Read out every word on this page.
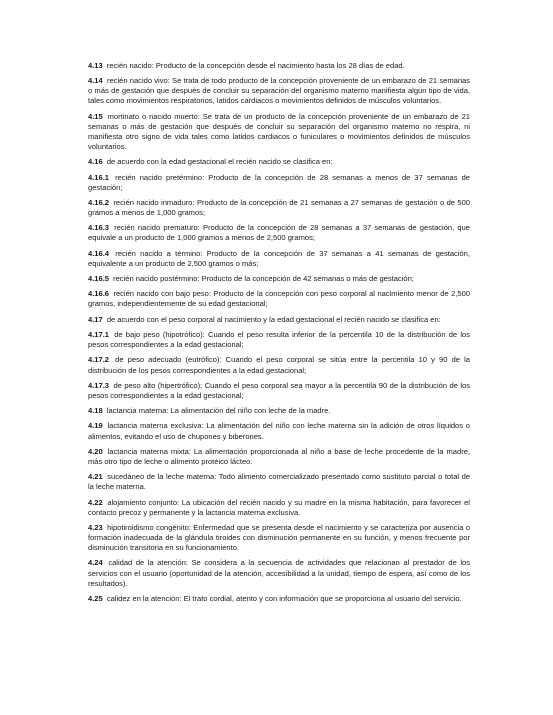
4.13 recién nacido: Producto de la concepción desde el nacimiento hasta los 28 días de edad.

4.14 recién nacido vivo: Se trata de todo producto de la concepción proveniente de un embarazo de 21 semanas o más de gestación que después de concluir su separación del organismo materno manifiesta algún tipo de vida, tales como movimientos respiratorios, latidos cardiacos o movimientos definidos de músculos voluntarios.

4.15 mortinato o nacido muerto: Se trata de un producto de la concepción proveniente de un embarazo de 21 semanas o más de gestación que después de concluir su separación del organismo materno no respira, ni manifiesta otro signo de vida tales como latidos cardiacos o funiculares o movimientos definidos de músculos voluntarios.

4.16 de acuerdo con la edad gestacional el recién nacido se clasifica en:

4.16.1 recién nacido pretérmino: Producto de la concepción de 28 semanas a menos de 37 semanas de gestación;

4.16.2 recién nacido inmaduro: Producto de la concepción de 21 semanas a 27 semanas de gestación o de 500 gramos a menos de 1,000 gramos;

4.16.3 recién nacido prematuro: Producto de la concepción de 28 semanas a 37 semanas de gestación, que equivale a un producto de 1,000 gramos a menos de 2,500 gramos;

4.16.4 recién nacido a término: Producto de la concepción de 37 semanas a 41 semanas de gestación, equivalente a un producto de 2,500 gramos o más;

4.16.5 recién nacido postérmino: Producto de la concepción de 42 semanas o más de gestación;

4.16.6 recién nacido con bajo peso: Producto de la concepción con peso corporal al nacimiento menor de 2,500 gramos, independientemente de su edad gestacional;

4.17 de acuerdo con el peso corporal al nacimiento y la edad gestacional el recién nacido se clasifica en:

4.17.1 de bajo peso (hipotrófico): Cuando el peso resulta inferior de la percentila 10 de la distribución de los pesos correspondientes a la edad gestacional;

4.17.2 de peso adecuado (eutrófico): Cuando el peso corporal se sitúa entre la percentila 10 y 90 de la distribución de los pesos correspondientes a la edad gestacional;

4.17.3 de peso alto (hipertrófico): Cuando el peso corporal sea mayor a la percentila 90 de la distribución de los pesos correspondientes a la edad gestacional;

4.18 lactancia materna: La alimentación del niño con leche de la madre.

4.19 lactancia materna exclusiva: La alimentación del niño con leche materna sin la adición de otros líquidos o alimentos, evitando el uso de chupones y biberones.

4.20 lactancia materna mixta: La alimentación proporcionada al niño a base de leche procedente de la madre, más otro tipo de leche o alimento protéico lácteo.

4.21 sucedáneo de la leche materna: Todo alimento comercializado presentado como sustituto parcial o total de la leche materna.

4.22 alojamiento conjunto: La ubicación del recién nacido y su madre en la misma habitación, para favorecer el contacto precoz y permanente y la lactancia materna exclusiva.

4.23 hipotiroidismo congénito: Enfermedad que se presenta desde el nacimiento y se caracteriza por ausencia o formación inadecuada de la glándula tiroides con disminución permanente en su función, y menos frecuente por disminución transitoria en su funcionamiento.

4.24 calidad de la atención: Se considera a la secuencia de actividades que relacionan al prestador de los servicios con el usuario (oportunidad de la atención, accesibilidad a la unidad, tiempo de espera, así como de los resultados).

4.25 calidez en la atención: El trato cordial, atento y con información que se proporciona al usuario del servicio.
